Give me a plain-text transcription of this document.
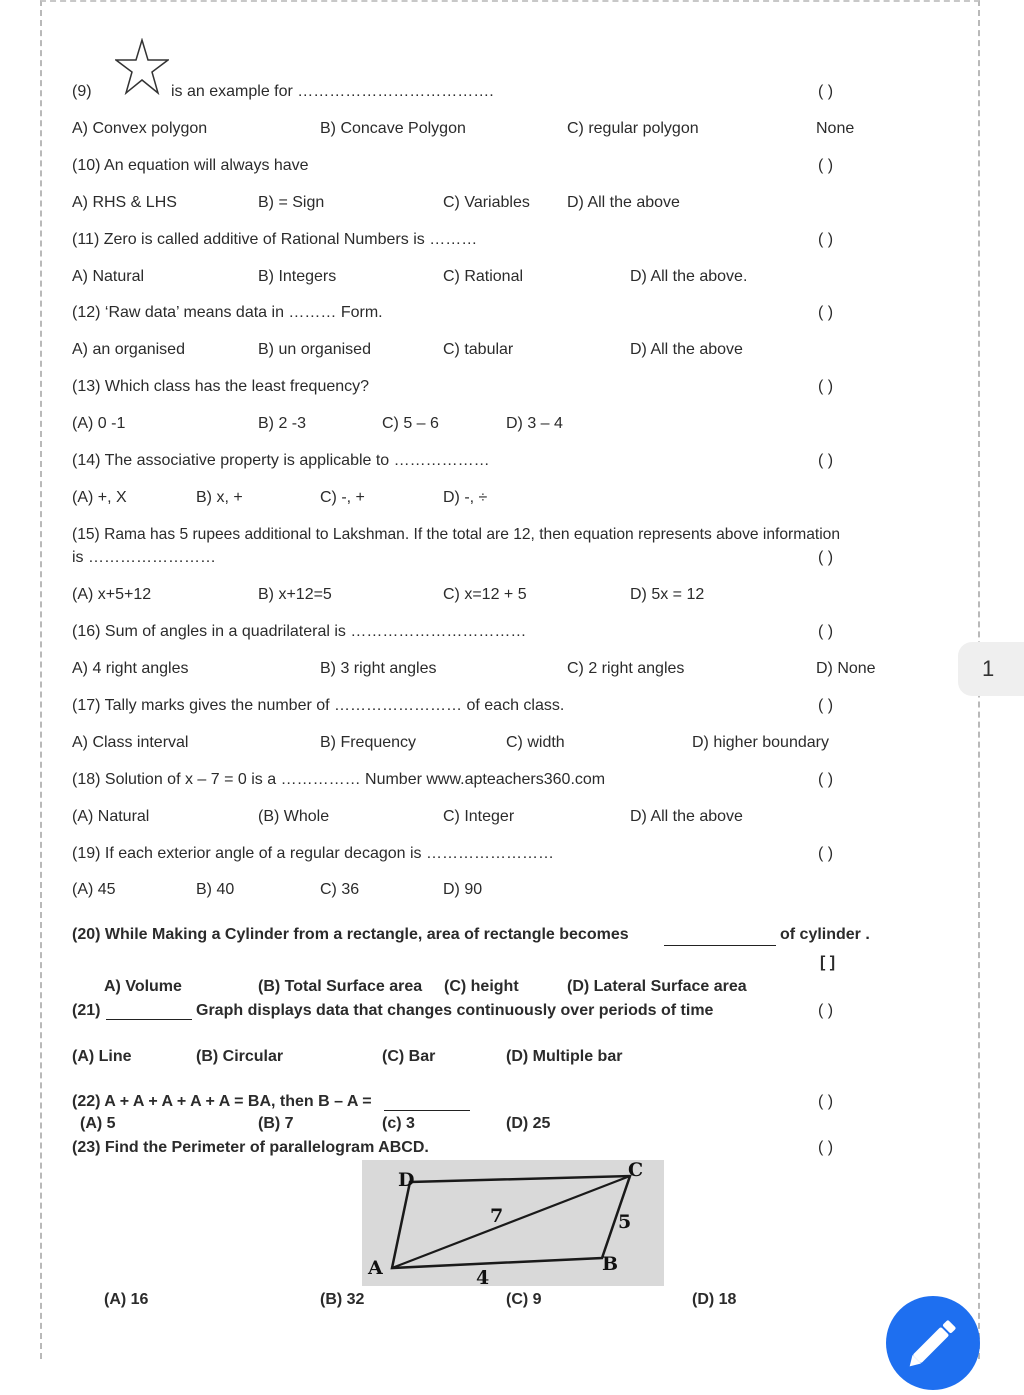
(9)	is an example for ……………………………….	( )
A) Convex polygon	B) Concave Polygon	C) regular polygon	None
(10) An equation will always have	( )
A) RHS & LHS	B) = Sign	C) Variables D) All the above
(11) Zero is called additive of Rational Numbers is ………	( )
A) Natural	B) Integers	C) Rational	D) All the above.
(12) ‘Raw data’ means data in ……… Form.	( )
A) an organised	B) un organised	C) tabular	D) All the above
(13) Which class has the least frequency?	( )
(A) 0 -1	B) 2 -3	C) 5 – 6	D) 3 – 4
(14) The associative property is applicable to ………………	( )
(A) +, X	B) x, +	C) -, +	D) -, ÷
(15) Rama has 5 rupees additional to Lakshman. If the total are 12, then equation represents above information
is ……………………	( )
(A) x+5+12	B) x+12=5	C) x=12 + 5	D) 5x = 12
(16) Sum of angles in a quadrilateral is ……………………………	( )
A) 4 right angles	B) 3 right angles	C) 2 right angles	D) None
(17) Tally marks gives the number of …………………… of each class.	( )
A) Class interval	B) Frequency	C) width	D) higher boundary
(18) Solution of x – 7 = 0 is a …………… Number www.apteachers360.com	( )
(A) Natural	(B) Whole	C) Integer	D) All the above
(19) If each exterior angle of a regular decagon is ……………………	( )
(A) 45	B) 40	C) 36	D) 90
(20) While Making a Cylinder from a rectangle, area of rectangle becomes	of cylinder .
[ ]
A) Volume	(B) Total Surface area (C) height	(D) Lateral Surface area
(21)	Graph displays data that changes continuously over periods of time	( )
(A) Line	(B) Circular	(C) Bar	(D) Multiple bar
(22) A + A + A + A + A = BA, then B – A =	( )
(A) 5	(B) 7	(c) 3	(D) 25
(23) Find the Perimeter of parallelogram ABCD.	( )
D	C
A	B
7	5
4
(A) 16	(B) 32	(C) 9	(D) 18
1
